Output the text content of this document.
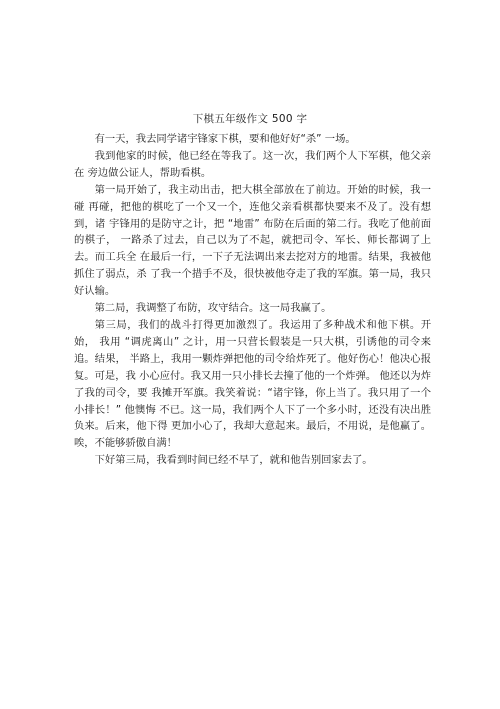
下棋五年级作文 500 字

有一天，我去同学诸宇锋家下棋，要和他好好“杀” 一场。

我到他家的时候，他已经在等我了。这一次，我们两个人下军棋，他父亲在 旁边做公证人，帮助看棋。

第一局开始了，我主动出击，把大棋全部放在了前边。开始的时候，我一碰 再碰，把他的棋吃了一个又一个，连他父亲看棋都快要来不及了。没有想到，诸 宇锋用的是防守之计，把 “地雷” 布防在后面的第二行。我吃了他前面的棋子， 一路杀了过去，自己以为了不起，就把司令、军长、师长都调了上去。而工兵全 在最后一行，一下子无法调出来去挖对方的地雷。结果，我被他抓住了弱点，杀 了我一个措手不及，很快被他夺走了我的军旗。第一局，我只好认输。

第二局，我调整了布防，攻守结合。这一局我赢了。

第三局，我们的战斗打得更加激烈了。我运用了多种战术和他下棋。开始， 我用 “调虎离山” 之计，用一只营长假装是一只大棋，引诱他的司令来追。结果， 半路上，我用一颗炸弹把他的司令给炸死了。他好伤心！他决心报复。可是，我 小心应付。我又用一只小排长去撞了他的一个炸弹。 他还以为炸了我的司令，要 我摊开军旗。我笑着说：“诸宇锋，你上当了。我只用了一个小排长！” 他懊悔 不已。这一局，我们两个人下了一个多小时，还没有决出胜负来。后来，他下得 更加小心了，我却大意起来。最后，不用说，是他赢了。唉，不能够骄傲自满！

下好第三局，我看到时间已经不早了，就和他告别回家去了。
